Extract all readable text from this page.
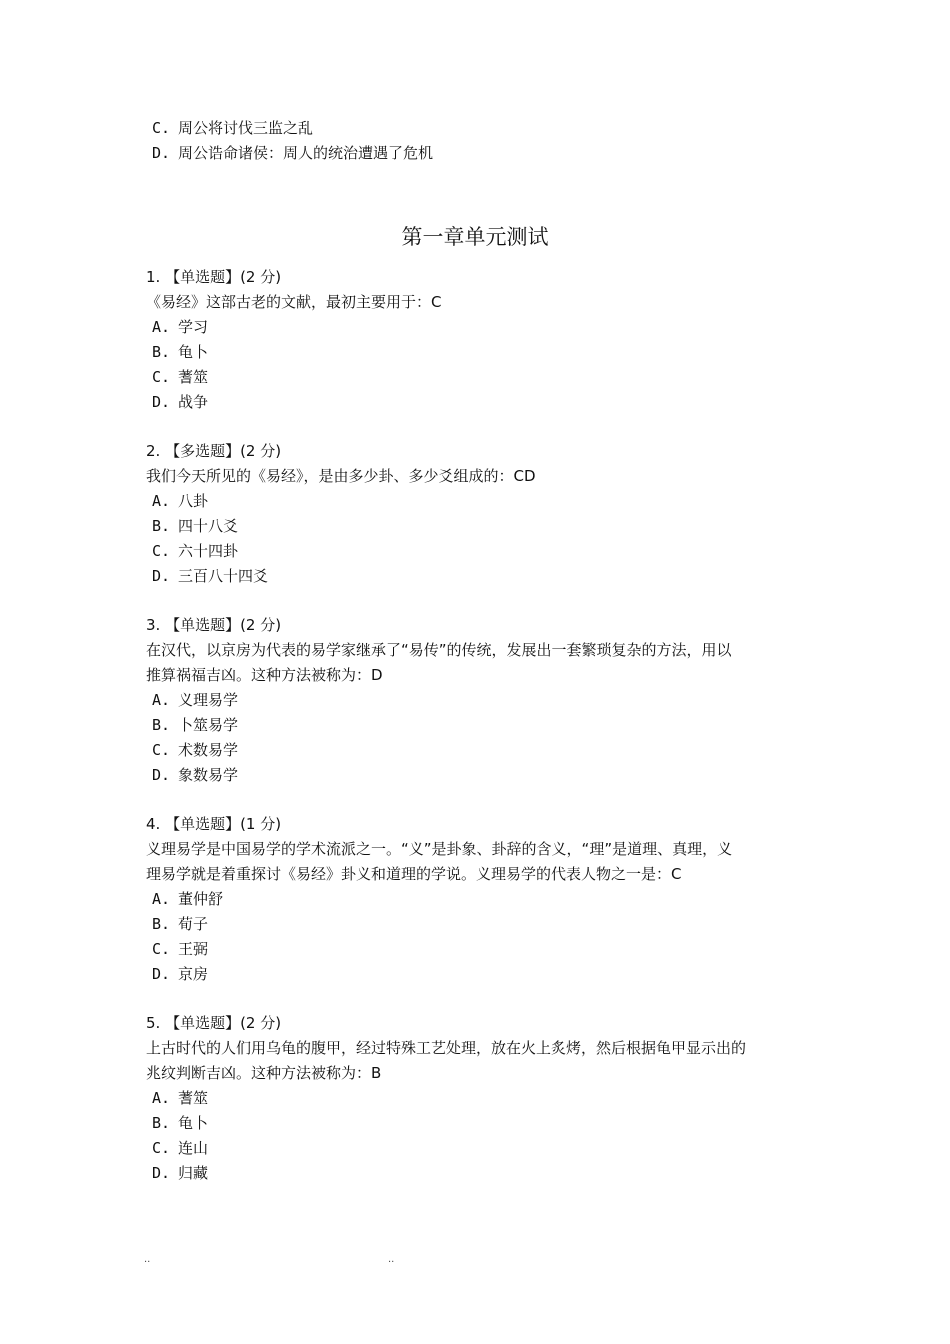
C. 周公将讨伐三监之乱
D. 周公诰命诸侯：周人的统治遭遇了危机
第一章单元测试
1. 【单选题】(2 分)
《易经》这部古老的文献，最初主要用于：C
A. 学习
B. 龟卜
C. 蓍筮
D. 战争
2. 【多选题】(2 分)
我们今天所见的《易经》，是由多少卦、多少爻组成的：CD
A. 八卦
B. 四十八爻
C. 六十四卦
D. 三百八十四爻
3. 【单选题】(2 分)
在汉代，以京房为代表的易学家继承了“易传”的传统，发展出一套繁琐复杂的方法，用以
推算祸福吉凶。这种方法被称为：D
A. 义理易学
B. 卜筮易学
C. 术数易学
D. 象数易学
4. 【单选题】(1 分)
义理易学是中国易学的学术流派之一。“义”是卦象、卦辞的含义，“理”是道理、真理，义
理易学就是着重探讨《易经》卦义和道理的学说。义理易学的代表人物之一是：C
A. 董仲舒
B. 荀子
C. 王弼
D. 京房
5. 【单选题】(2 分)
上古时代的人们用乌龟的腹甲，经过特殊工艺处理，放在火上炙烤，然后根据龟甲显示出的
兆纹判断吉凶。这种方法被称为：B
A. 蓍筮
B. 龟卜
C. 连山
D. 归藏
..	..
